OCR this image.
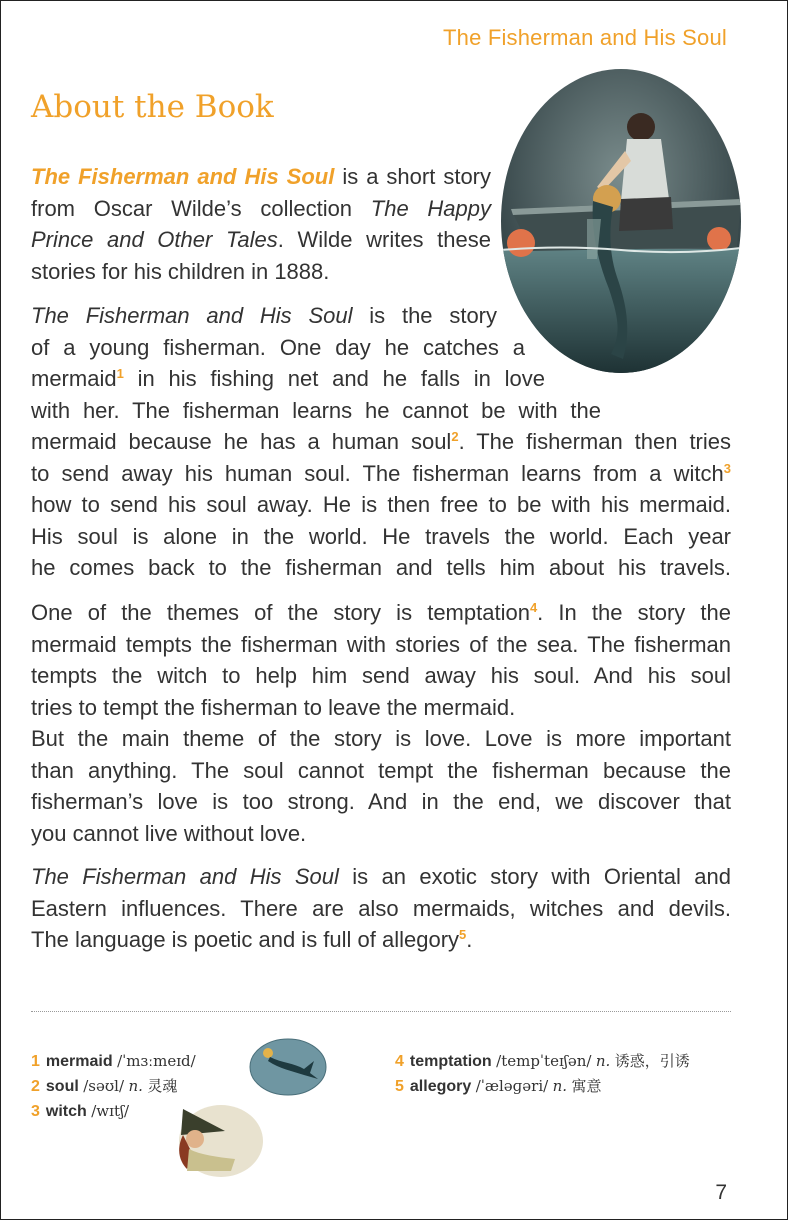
The Fisherman and His Soul
About the Book

The Fisherman and His Soul is a short story
from Oscar Wilde’s collection The Happy
Prince and Other Tales. Wilde writes these
stories for his children in 1888.

The Fisherman and His Soul is the story
of a young fisherman. One day he catches a
mermaid$^1$ in his fishing net and he falls in love
with her. The fisherman learns he cannot be with the
mermaid because he has a human soul$^2$. The fisherman then tries
to send away his human soul. The fisherman learns from a witch$^3$
how to send his soul away. He is then free to be with his mermaid.
His soul is alone in the world. He travels the world. Each year
he comes back to the fisherman and tells him about his travels.

One of the themes of the story is temptation$^4$. In the story the
mermaid tempts the fisherman with stories of the sea. The fisherman
tempts the witch to help him send away his soul. And his soul
tries to tempt the fisherman to leave the mermaid.
But the main theme of the story is love. Love is more important
than anything. The soul cannot tempt the fisherman because the
fisherman’s love is too strong. And in the end, we discover that
you cannot live without love.

The Fisherman and His Soul is an exotic story with Oriental and
Eastern influences. There are also mermaids, witches and devils.
The language is poetic and is full of allegory$^5$.

1 mermaid /ˈmɜːmeɪd/
2 soul /səʊl/ n. 灵魂
3 witch /wɪtʃ/
4 temptation /tempˈteɪʃən/ n. 诱惑，引诱
5 allegory /ˈæləɡəri/ n. 寓意
7
